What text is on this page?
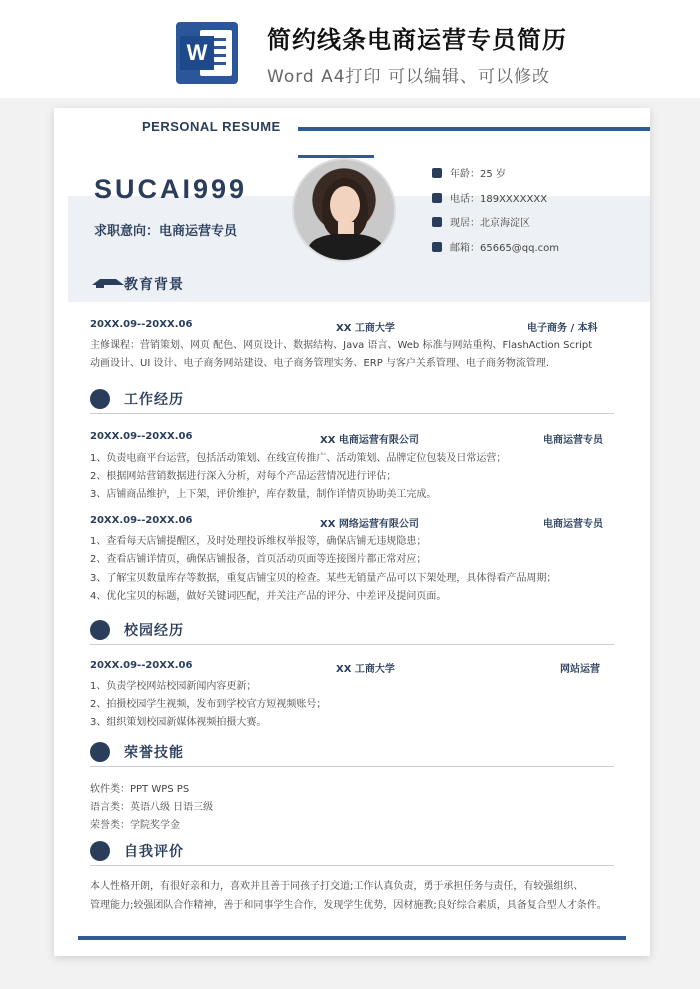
W 简约线条电商运营专员简历
Word A4打印 可以编辑、可以修改
PERSONAL RESUME
SUCAI999
求职意向：电商运营专员
年龄：25 岁
电话：189XXXXXXX
现居：北京海淀区
邮箱：65665@qq.com
教育背景
20XX.09--20XX.06	XX 工商大学	电子商务 / 本科
主修课程：营销策划、网页 配色、网页设计、数据结构、Java 语言、Web 标准与网站重构、FlashAction Script
动画设计、UI 设计、电子商务网站建设、电子商务管理实务、ERP 与客户关系管理、电子商务物流管理.
工作经历
20XX.09--20XX.06	XX 电商运营有限公司	电商运营专员
1、负责电商平台运营，包括活动策划、在线宣传推广、活动策划、品牌定位包装及日常运营；
2、根据网站营销数据进行深入分析，对每个产品运营情况进行评估；
3、店铺商品维护，上下架，评价维护，库存数量，制作详情页协助美工完成。
20XX.09--20XX.06	XX 网络运营有限公司	电商运营专员
1、查看每天店铺提醒区，及时处理投诉维权举报等，确保店铺无违规隐患；
2、查看店铺详情页，确保店铺报备，首页活动页面等连接图片都正常对应；
3、了解宝贝数量库存等数据，重复店铺宝贝的检查。某些无销量产品可以下架处理，具体得看产品周期；
4、优化宝贝的标题，做好关键词匹配，并关注产品的评分、中差评及提问页面。
校园经历
20XX.09--20XX.06	XX 工商大学	网站运营
1、负责学校网站校园新闻内容更新；
2、拍摄校园学生视频，发布到学校官方短视频账号；
3、组织策划校园新媒体视频拍摄大赛。
荣誉技能
软件类：PPT WPS PS
语言类：英语八级 日语三级
荣誉类：学院奖学金
自我评价
本人性格开朗，有很好亲和力，喜欢并且善于同孩子打交道;工作认真负责，勇于承担任务与责任，有较强组织、
管理能力;较强团队合作精神，善于和同事学生合作，发现学生优势，因材施教;良好综合素质，具备复合型人才条件。
